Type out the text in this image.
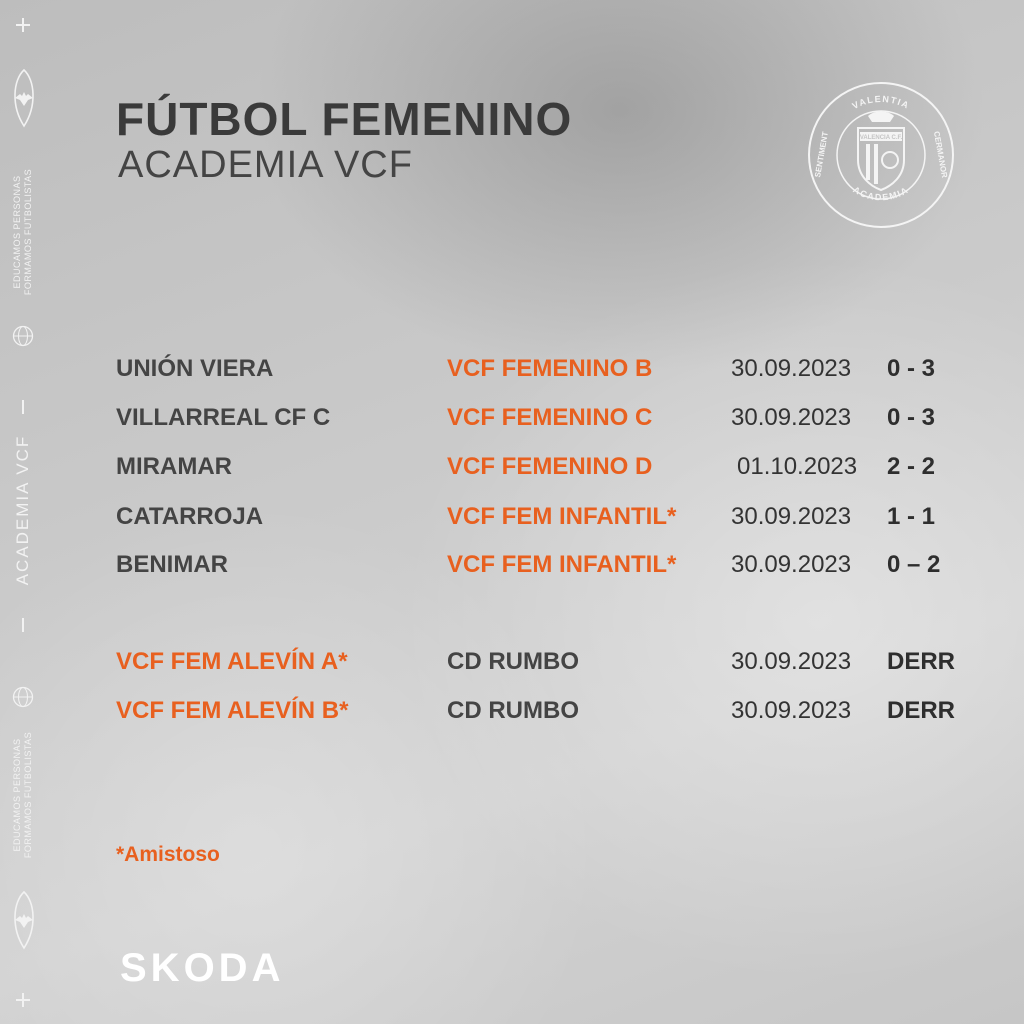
EDUCAMOS PERSONAS FORMAMOS FUTBOLISTAS
ACADEMIA VCF
EDUCAMOS PERSONAS FORMAMOS FUTBOLISTAS
FÚTBOL FEMENINO
ACADEMIA VCF
VALENTIA
ACADEMIA
SENTIMENT	CERMANOR
VALENCIA C.F.
UNIÓN VIERA	VCF FEMENINO B	30.09.2023 0 - 3
VILLARREAL CF C	VCF FEMENINO C	30.09.2023 0 - 3
MIRAMAR	VCF FEMENINO D	01.10.2023 2 - 2
CATARROJA	VCF FEM INFANTIL* 30.09.2023 1 - 1
BENIMAR	VCF FEM INFANTIL* 30.09.2023 0 – 2
VCF FEM ALEVÍN A*	CD RUMBO	30.09.2023 DERR
VCF FEM ALEVÍN B*	CD RUMBO	30.09.2023 DERR
*Amistoso
SKODA
